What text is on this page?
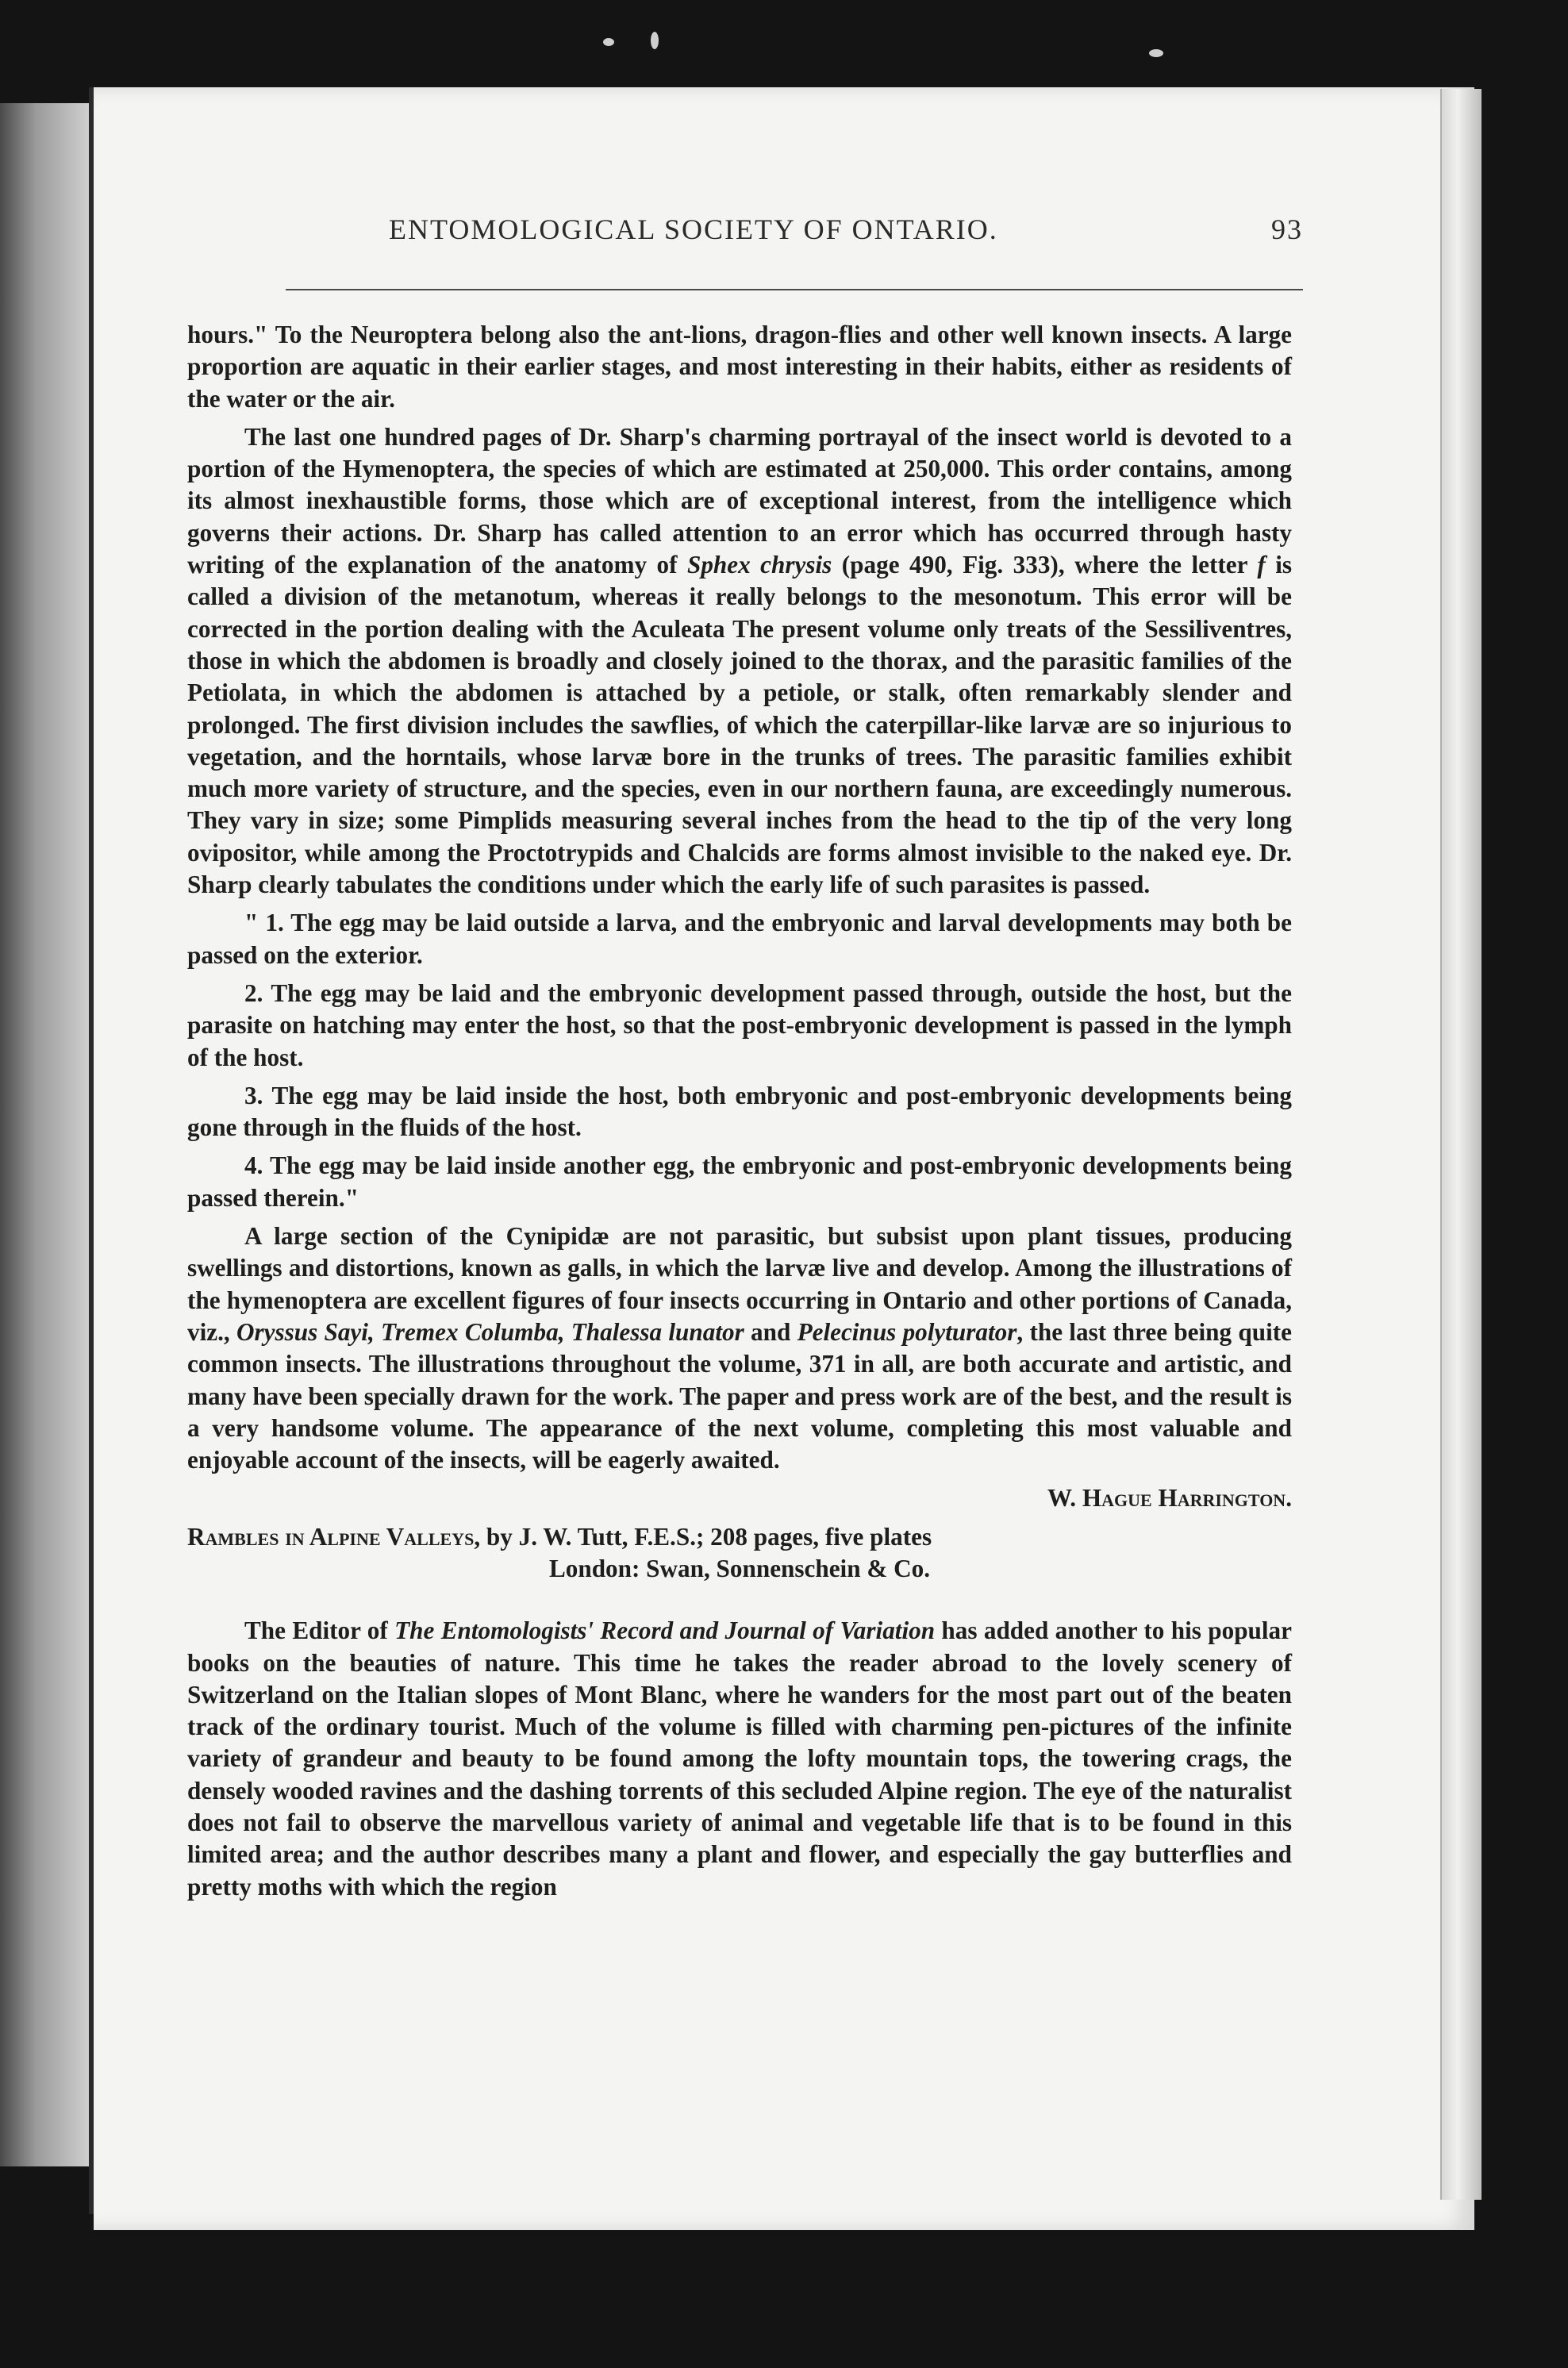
ENTOMOLOGICAL SOCIETY OF ONTARIO.	93

hours." To the Neuroptera belong also the ant-lions, dragon-flies and other well known insects. A large proportion are aquatic in their earlier stages, and most interesting in their habits, either as residents of the water or the air.

The last one hundred pages of Dr. Sharp's charming portrayal of the insect world is devoted to a portion of the Hymenoptera, the species of which are estimated at 250,000. This order contains, among its almost inexhaustible forms, those which are of exceptional interest, from the intelligence which governs their actions. Dr. Sharp has called attention to an error which has occurred through hasty writing of the explanation of the anatomy of Sphex chrysis (page 490, Fig. 333), where the letter f is called a division of the metanotum, whereas it really belongs to the mesonotum. This error will be corrected in the portion dealing with the Aculeata The present volume only treats of the Sessiliventres, those in which the abdomen is broadly and closely joined to the thorax, and the parasitic families of the Petiolata, in which the abdomen is attached by a petiole, or stalk, often remarkably slender and prolonged. The first division includes the sawflies, of which the caterpillar-like larvæ are so injurious to vegetation, and the horntails, whose larvæ bore in the trunks of trees. The parasitic families exhibit much more variety of structure, and the species, even in our northern fauna, are exceedingly numerous. They vary in size; some Pimplids measuring several inches from the head to the tip of the very long ovipositor, while among the Proctotrypids and Chalcids are forms almost invisible to the naked eye. Dr. Sharp clearly tabulates the conditions under which the early life of such parasites is passed.

" 1. The egg may be laid outside a larva, and the embryonic and larval developments may both be passed on the exterior.

2. The egg may be laid and the embryonic development passed through, outside the host, but the parasite on hatching may enter the host, so that the post-embryonic development is passed in the lymph of the host.

3. The egg may be laid inside the host, both embryonic and post-embryonic developments being gone through in the fluids of the host.

4. The egg may be laid inside another egg, the embryonic and post-embryonic developments being passed therein."

A large section of the Cynipidæ are not parasitic, but subsist upon plant tissues, producing swellings and distortions, known as galls, in which the larvæ live and develop. Among the illustrations of the hymenoptera are excellent figures of four insects occurring in Ontario and other portions of Canada, viz., Oryssus Sayi, Tremex Columba, Thalessa lunator and Pelecinus polyturator, the last three being quite common insects. The illustrations throughout the volume, 371 in all, are both accurate and artistic, and many have been specially drawn for the work. The paper and press work are of the best, and the result is a very handsome volume. The appearance of the next volume, completing this most valuable and enjoyable account of the insects, will be eagerly awaited.

W. Hague Harrington.

Rambles in Alpine Valleys, by J. W. Tutt, F.E.S.; 208 pages, five plates
London: Swan, Sonnenschein & Co.

The Editor of The Entomologists' Record and Journal of Variation has added another to his popular books on the beauties of nature. This time he takes the reader abroad to the lovely scenery of Switzerland on the Italian slopes of Mont Blanc, where he wanders for the most part out of the beaten track of the ordinary tourist. Much of the volume is filled with charming pen-pictures of the infinite variety of grandeur and beauty to be found among the lofty mountain tops, the towering crags, the densely wooded ravines and the dashing torrents of this secluded Alpine region. The eye of the naturalist does not fail to observe the marvellous variety of animal and vegetable life that is to be found in this limited area; and the author describes many a plant and flower, and especially the gay butterflies and pretty moths with which the region
